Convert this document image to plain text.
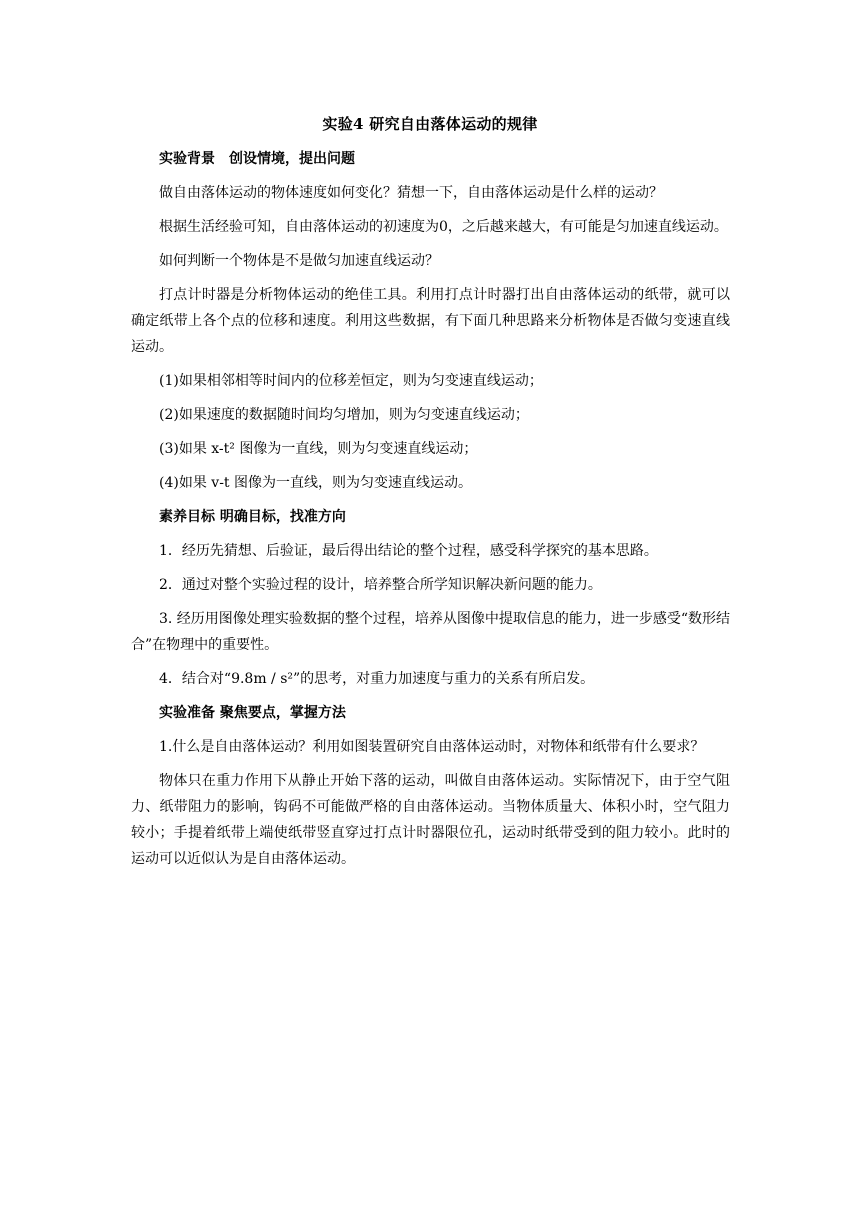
实验4 研究自由落体运动的规律

实验背景　创设情境，提出问题

做自由落体运动的物体速度如何变化？猜想一下，自由落体运动是什么样的运动？

根据生活经验可知，自由落体运动的初速度为0，之后越来越大，有可能是匀加速直线运动。

如何判断一个物体是不是做匀加速直线运动？

打点计时器是分析物体运动的绝佳工具。利用打点计时器打出自由落体运动的纸带，就可以确定纸带上各个点的位移和速度。利用这些数据，有下面几种思路来分析物体是否做匀变速直线运动。

(1)如果相邻相等时间内的位移差恒定，则为匀变速直线运动；

(2)如果速度的数据随时间均匀增加，则为匀变速直线运动；

(3)如果 x-t² 图像为一直线，则为匀变速直线运动；

(4)如果 v-t 图像为一直线，则为匀变速直线运动。

素养目标 明确目标，找准方向

1．经历先猜想、后验证，最后得出结论的整个过程，感受科学探究的基本思路。

2．通过对整个实验过程的设计，培养整合所学知识解决新问题的能力。

3. 经历用图像处理实验数据的整个过程，培养从图像中提取信息的能力，进一步感受“数形结合”在物理中的重要性。

4．结合对“9.8m / s²”的思考，对重力加速度与重力的关系有所启发。

实验准备 聚焦要点，掌握方法

1.什么是自由落体运动？利用如图装置研究自由落体运动时，对物体和纸带有什么要求？

物体只在重力作用下从静止开始下落的运动，叫做自由落体运动。实际情况下，由于空气阻力、纸带阻力的影响，钩码不可能做严格的自由落体运动。当物体质量大、体积小时，空气阻力较小；手提着纸带上端使纸带竖直穿过打点计时器限位孔，运动时纸带受到的阻力较小。此时的运动可以近似认为是自由落体运动。
